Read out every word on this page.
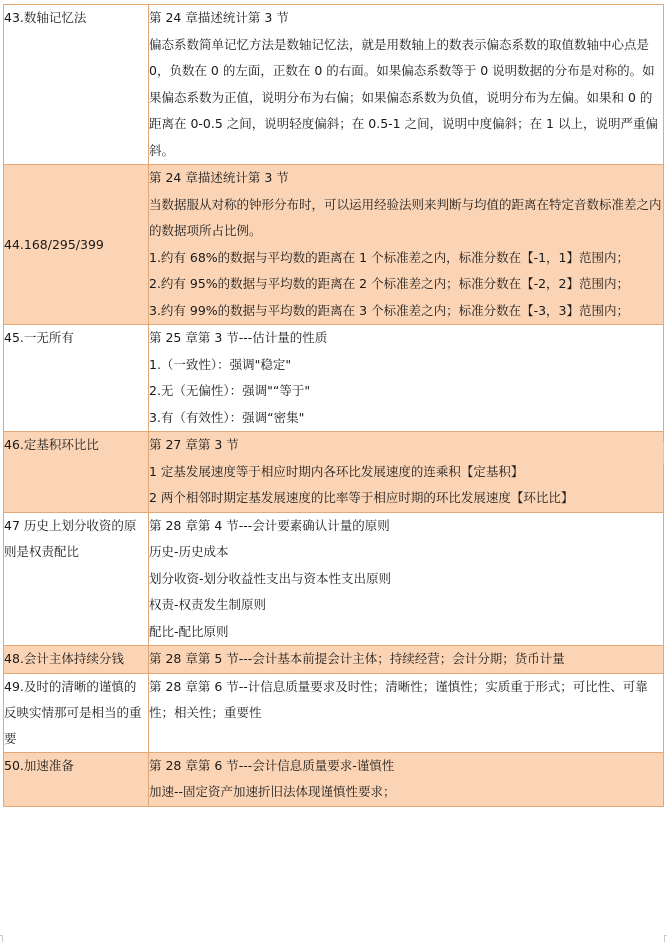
43.数轴记忆法	第 24 章描述统计第 3 节
偏态系数简单记忆方法是数轴记忆法，就是用数轴上的数表示偏态系数的取值数轴中心点是 0，负数在 0 的左面，正数在 0 的右面。如果偏态系数等于 0 说明数据的分布是对称的。如果偏态系数为正值，说明分布为右偏；如果偏态系数为负值，说明分布为左偏。如果和 0 的距离在 0-0.5 之间，说明轻度偏斜；在 0.5-1 之间，说明中度偏斜；在 1 以上，说明严重偏斜。

44.168/295/399	第 24 章描述统计第 3 节
当数据服从对称的钟形分布时，可以运用经验法则来判断与均值的距离在特定音数标准差之内的数据项所占比例。
1.约有 68%的数据与平均数的距离在 1 个标准差之内，标准分数在【-1，1】范围内；
2.约有 95%的数据与平均数的距离在 2 个标准差之内；标准分数在【-2，2】范围内；
3.约有 99%的数据与平均数的距离在 3 个标准差之内；标准分数在【-3，3】范围内；

45.一无所有	第 25 章第 3 节---估计量的性质
1.（一致性）：强调"稳定"
2.无（无偏性）：强调"“等于"
3.有（有效性）：强调“密集"

46.定基积环比比	第 27 章第 3 节
1 定基发展速度等于相应时期内各环比发展速度的连乘积【定基积】
2 两个相邻时期定基发展速度的比率等于相应时期的环比发展速度【环比比】

47 历史上划分收资的原则是权责配比	第 28 章第 4 节---会计要素确认计量的原则
历史-历史成本
划分收资-划分收益性支出与资本性支出原则
权责-权责发生制原则
配比-配比原则

48.会计主体持续分钱	第 28 章第 5 节---会计基本前提会计主体；持续经营；会计分期；货币计量

49.及时的清晰的谨慎的反映实情那可是相当的重要	第 28 章第 6 节--计信息质量要求及时性；清晰性；谨慎性；实质重于形式；可比性、可靠性；相关性；重要性

50.加速准备	第 28 章第 6 节---会计信息质量要求-谨慎性
加速--固定资产加速折旧法体现谨慎性要求；
